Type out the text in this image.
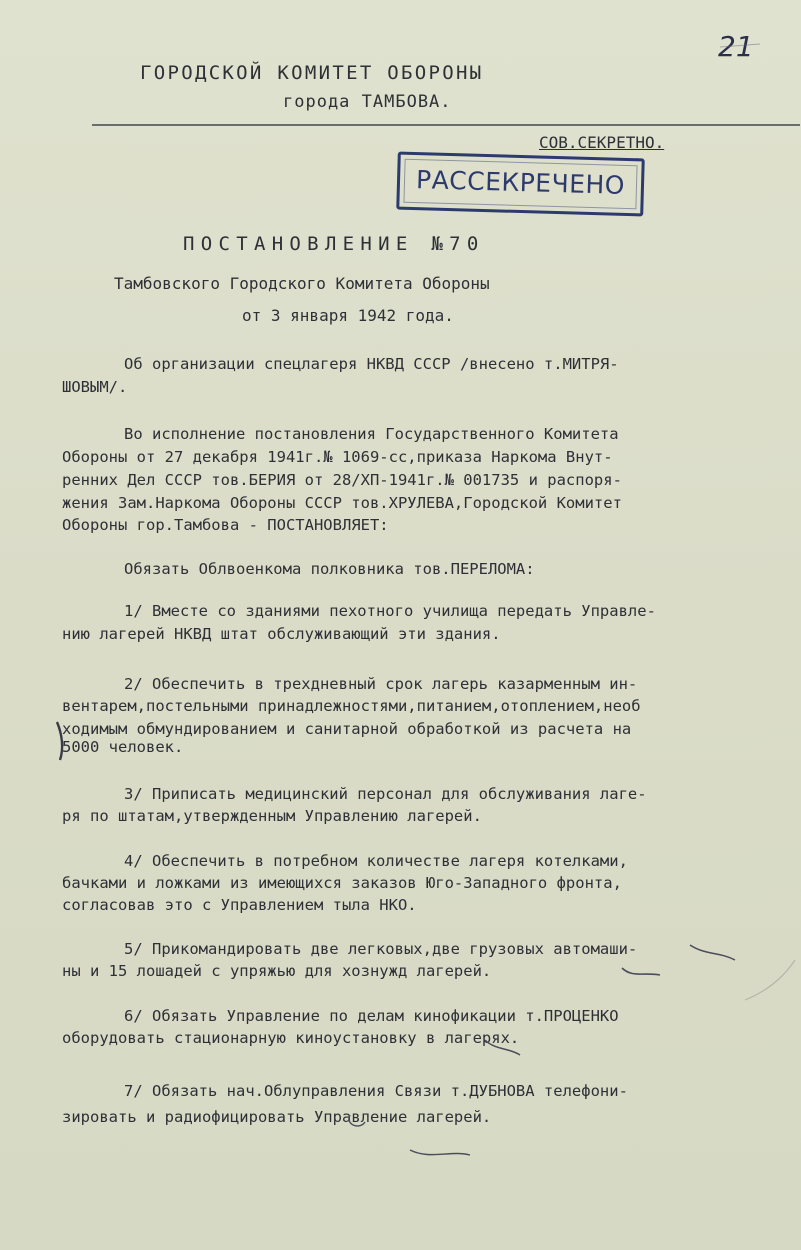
21
ГОРОДСКОЙ КОМИТЕТ ОБОРОНЫ
города ТАМБОВА.
СОВ.СЕКРЕТНО.
РАССЕКРЕЧЕНО
ПОСТАНОВЛЕНИЕ №70
Тамбовского Городского Комитета Обороны
от 3 января 1942 года.
Об организации спецлагеря НКВД СССР /внесено т.МИТРЯ-
ШОВЫМ/.
Во исполнение постановления Государственного Комитета
Обороны от 27 декабря 1941г.№ 1069-сс,приказа Наркома Внут-
ренних Дел СССР тов.БЕРИЯ от 28/ХП-1941г.№ 001735 и распоря-
жения Зам.Наркома Обороны СССР тов.ХРУЛЕВА,Городской Комитет
Обороны гор.Тамбова - ПОСТАНОВЛЯЕТ:
Обязать Облвоенкома полковника тов.ПЕРЕЛОМА:
1/ Вместе со зданиями пехотного училища передать Управле-
нию лагерей НКВД штат обслуживающий эти здания.
2/ Обеспечить в трехдневный срок лагерь казарменным ин-
вентарем,постельными принадлежностями,питанием,отоплением,необ
ходимым обмундированием и санитарной обработкой из расчета на
5000 человек.
3/ Приписать медицинский персонал для обслуживания лаге-
ря по штатам,утвержденным Управлению лагерей.
4/ Обеспечить в потребном количестве лагеря котелками,
бачками и ложками из имеющихся заказов Юго-Западного фронта,
согласовав это с Управлением тыла НКО.
5/ Прикомандировать две легковых,две грузовых автомаши-
ны и 15 лошадей с упряжью для хознужд лагерей.
6/ Обязать Управление по делам кинофикации т.ПРОЦЕНКО
оборудовать стационарную киноустановку в лагерях.
7/ Обязать нач.Облуправления Связи т.ДУБНОВА телефони-
зировать и радиофицировать Управление лагерей.
